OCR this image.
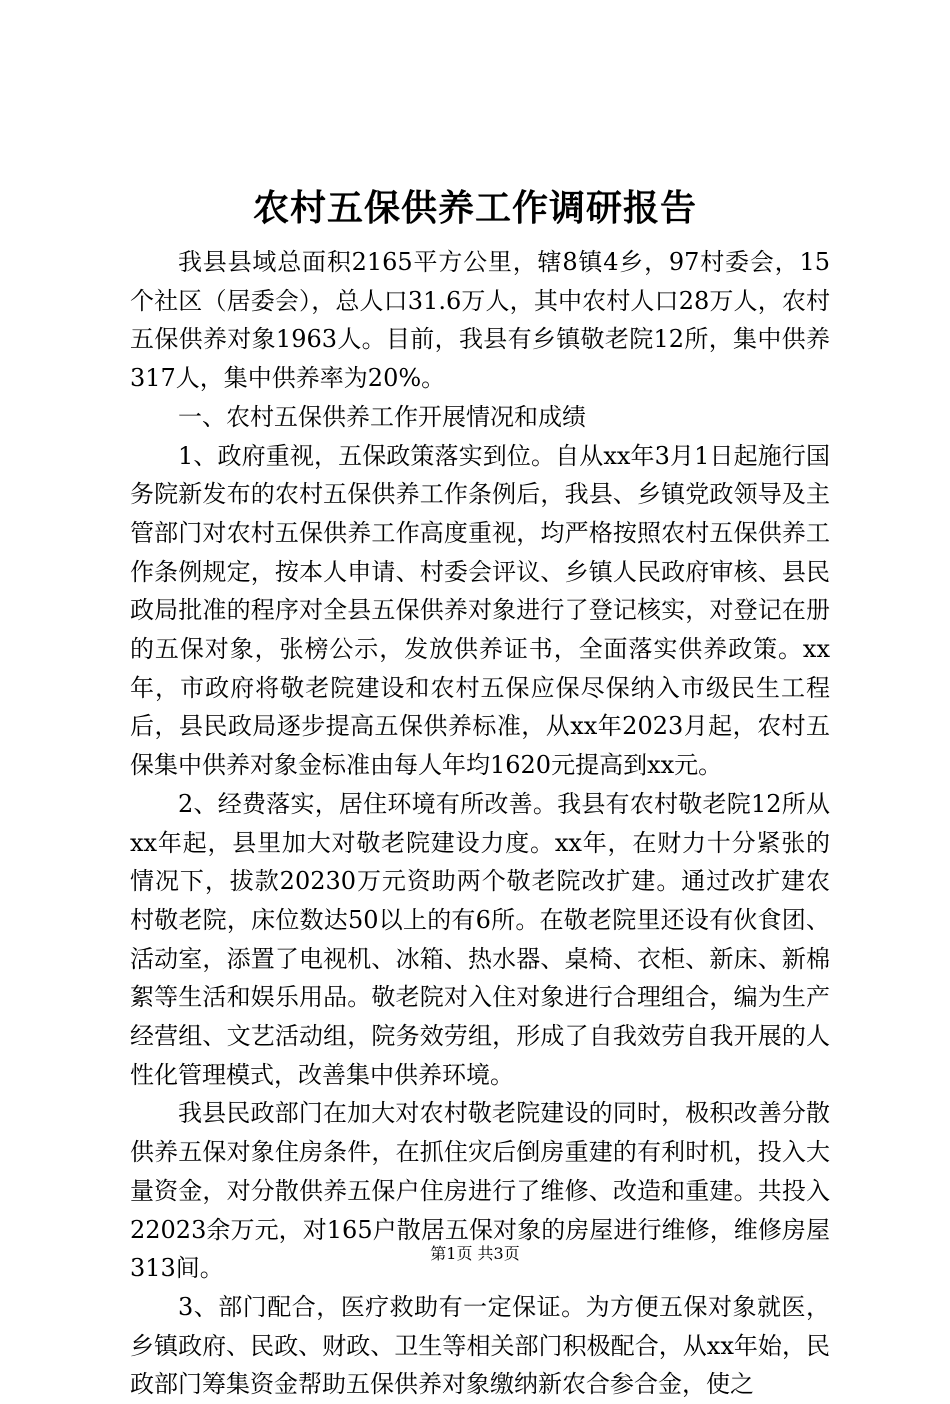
农村五保供养工作调研报告

我县县域总面积2165平方公里，辖8镇4乡，97村委会，15个社区（居委会），总人口31.6万人，其中农村人口28万人，农村五保供养对象1963人。目前，我县有乡镇敬老院12所，集中供养317人，集中供养率为20%。

一、农村五保供养工作开展情况和成绩

1、政府重视，五保政策落实到位。自从xx年3月1日起施行国务院新发布的农村五保供养工作条例后，我县、乡镇党政领导及主管部门对农村五保供养工作高度重视，均严格按照农村五保供养工作条例规定，按本人申请、村委会评议、乡镇人民政府审核、县民政局批准的程序对全县五保供养对象进行了登记核实，对登记在册的五保对象，张榜公示，发放供养证书，全面落实供养政策。xx年，市政府将敬老院建设和农村五保应保尽保纳入市级民生工程后，县民政局逐步提高五保供养标准，从xx年2023月起，农村五保集中供养对象金标准由每人年均1620元提高到xx元。

2、经费落实，居住环境有所改善。我县有农村敬老院12所从xx年起，县里加大对敬老院建设力度。xx年，在财力十分紧张的情况下，拔款20230万元资助两个敬老院改扩建。通过改扩建农村敬老院，床位数达50以上的有6所。在敬老院里还设有伙食团、活动室，添置了电视机、冰箱、热水器、桌椅、衣柜、新床、新棉絮等生活和娱乐用品。敬老院对入住对象进行合理组合，编为生产经营组、文艺活动组，院务效劳组，形成了自我效劳自我开展的人性化管理模式，改善集中供养环境。

我县民政部门在加大对农村敬老院建设的同时，极积改善分散供养五保对象住房条件，在抓住灾后倒房重建的有利时机，投入大量资金，对分散供养五保户住房进行了维修、改造和重建。共投入22023余万元，对165户散居五保对象的房屋进行维修，维修房屋313间。

3、部门配合，医疗救助有一定保证。为方便五保对象就医，乡镇政府、民政、财政、卫生等相关部门积极配合，从xx年始，民政部门筹集资金帮助五保供养对象缴纳新农合参合金，使之

第1页 共3页
